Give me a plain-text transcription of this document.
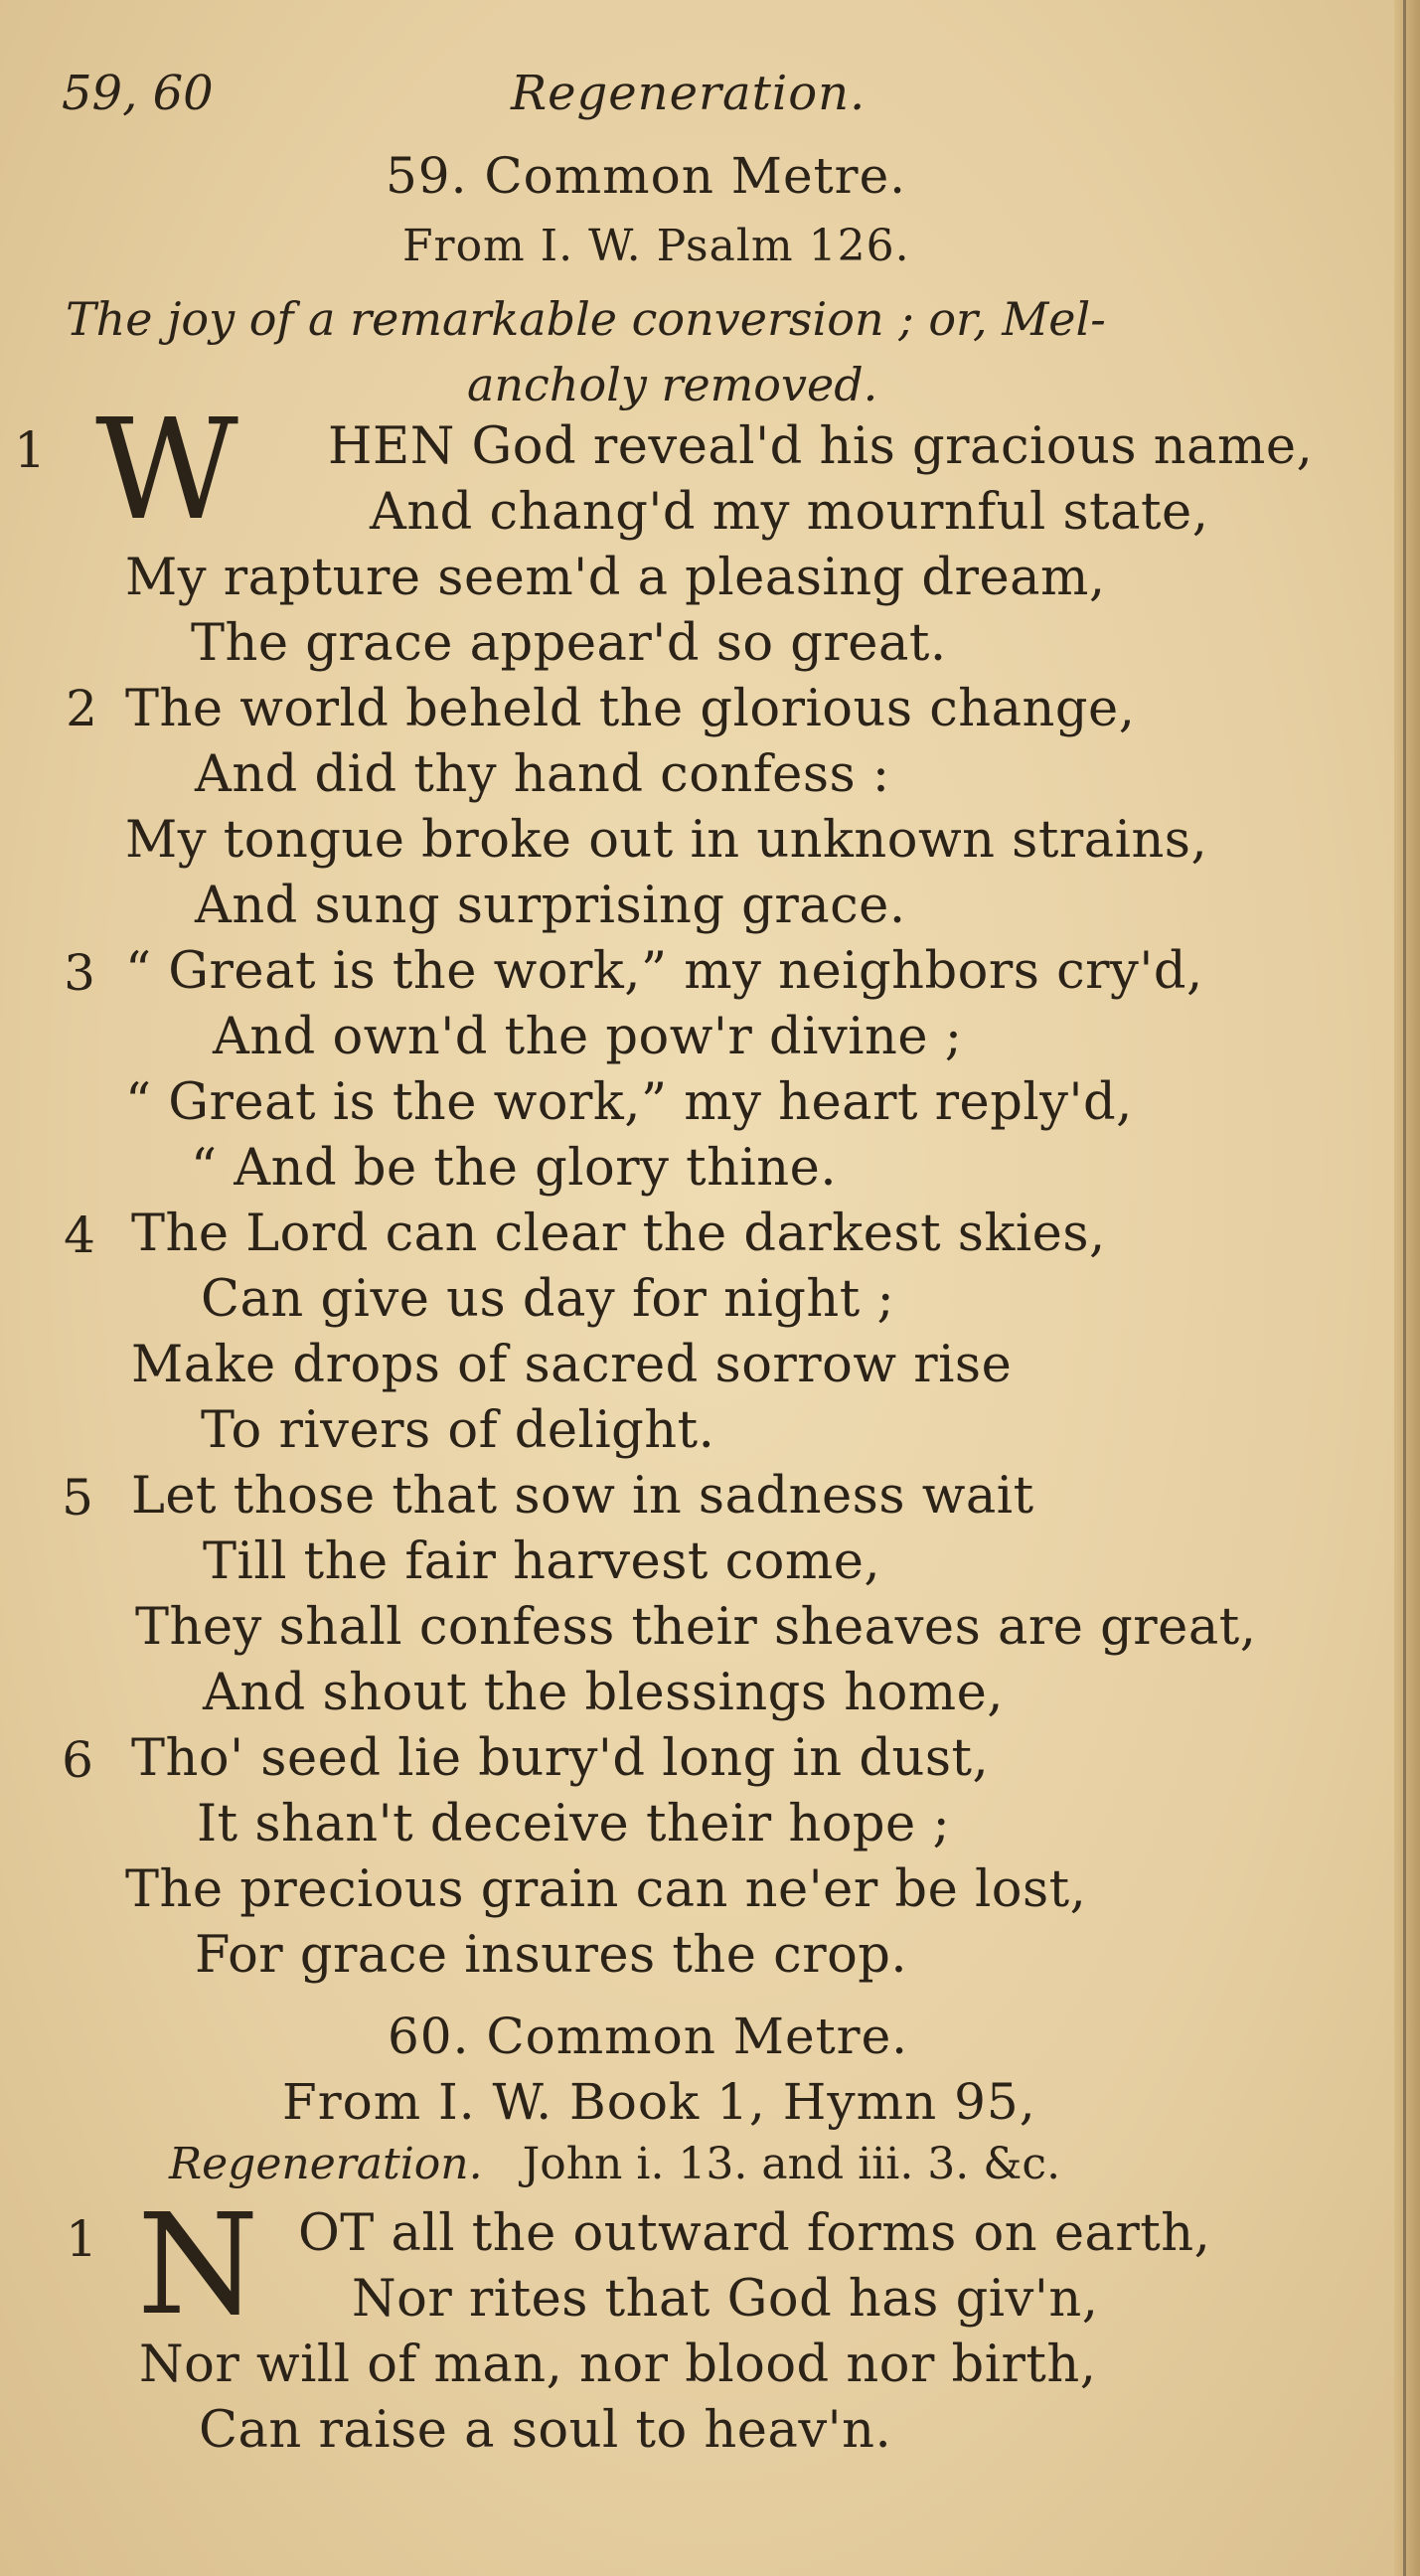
59, 60	Regeneration.
59. Common Metre.
From I. W. Psalm 126.
The joy of a remarkable conversion ; or, Mel-
ancholy removed.
1 W HEN God reveal'd his gracious name,
And chang'd my mournful state,
My rapture seem'd a pleasing dream,
The grace appear'd so great.
2 The world beheld the glorious change,
And did thy hand confess :
My tongue broke out in unknown strains,
And sung surprising grace.
3 “ Great is the work,” my neighbors cry'd,
And own'd the pow'r divine ;
“ Great is the work,” my heart reply'd,
“ And be the glory thine.
4 The Lord can clear the darkest skies,
Can give us day for night ;
Make drops of sacred sorrow rise
To rivers of delight.
5 Let those that sow in sadness wait
Till the fair harvest come,
They shall confess their sheaves are great,
And shout the blessings home,
6 Tho' seed lie bury'd long in dust,
It shan't deceive their hope ;
The precious grain can ne'er be lost,
For grace insures the crop.
60. Common Metre.
From I. W. Book 1, Hymn 95,
Regeneration. John i. 13. and iii. 3. &c.
1 N OT all the outward forms on earth,
Nor rites that God has giv'n,
Nor will of man, nor blood nor birth,
Can raise a soul to heav'n.
